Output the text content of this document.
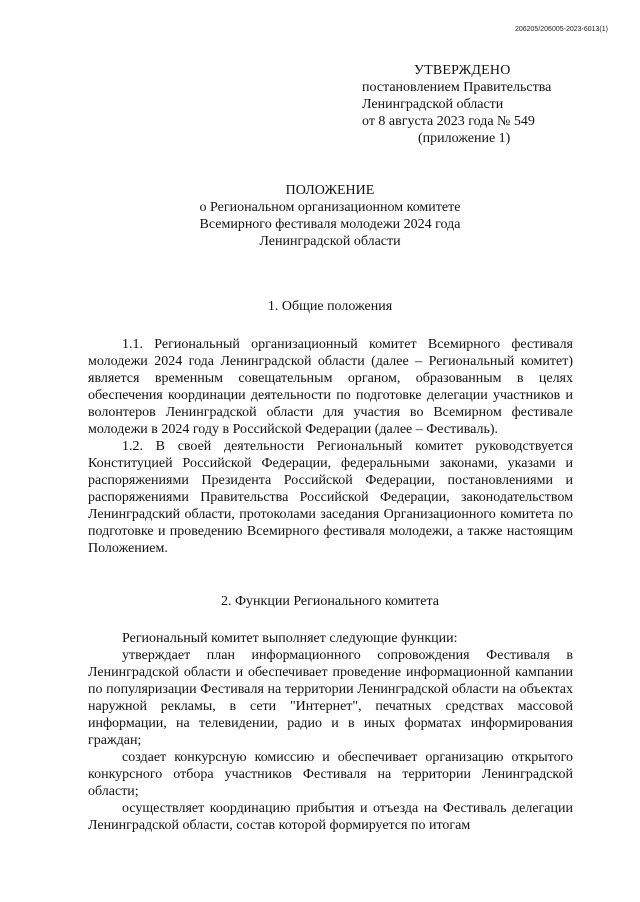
206205/206005-2023-6013(1)
УТВЕРЖДЕНО
постановлением Правительства
Ленинградской области
от 8 августа 2023 года № 549
(приложение 1)
ПОЛОЖЕНИЕ
о Региональном организационном комитете
Всемирного фестиваля молодежи 2024 года
Ленинградской области
1. Общие положения

1.1. Региональный организационный комитет Всемирного фестиваля молодежи 2024 года Ленинградской области (далее – Региональный комитет) является временным совещательным органом, образованным в целях обеспечения координации деятельности по подготовке делегации участников и волонтеров Ленинградской области для участия во Всемирном фестивале молодежи в 2024 году в Российской Федерации (далее – Фестиваль).

1.2. В своей деятельности Региональный комитет руководствуется Конституцией Российской Федерации, федеральными законами, указами и распоряжениями Президента Российской Федерации, постановлениями и распоряжениями Правительства Российской Федерации, законодательством Ленинградский области, протоколами заседания Организационного комитета по подготовке и проведению Всемирного фестиваля молодежи, а также настоящим Положением.

2. Функции Регионального комитета

Региональный комитет выполняет следующие функции:

утверждает план информационного сопровождения Фестиваля в Ленинградской области и обеспечивает проведение информационной кампании по популяризации Фестиваля на территории Ленинградской области на объектах наружной рекламы, в сети "Интернет", печатных средствах массовой информации, на телевидении, радио и в иных форматах информирования граждан;

создает конкурсную комиссию и обеспечивает организацию открытого конкурсного отбора участников Фестиваля на территории Ленинградской области;

осуществляет координацию прибытия и отъезда на Фестиваль делегации Ленинградской области, состав которой формируется по итогам
